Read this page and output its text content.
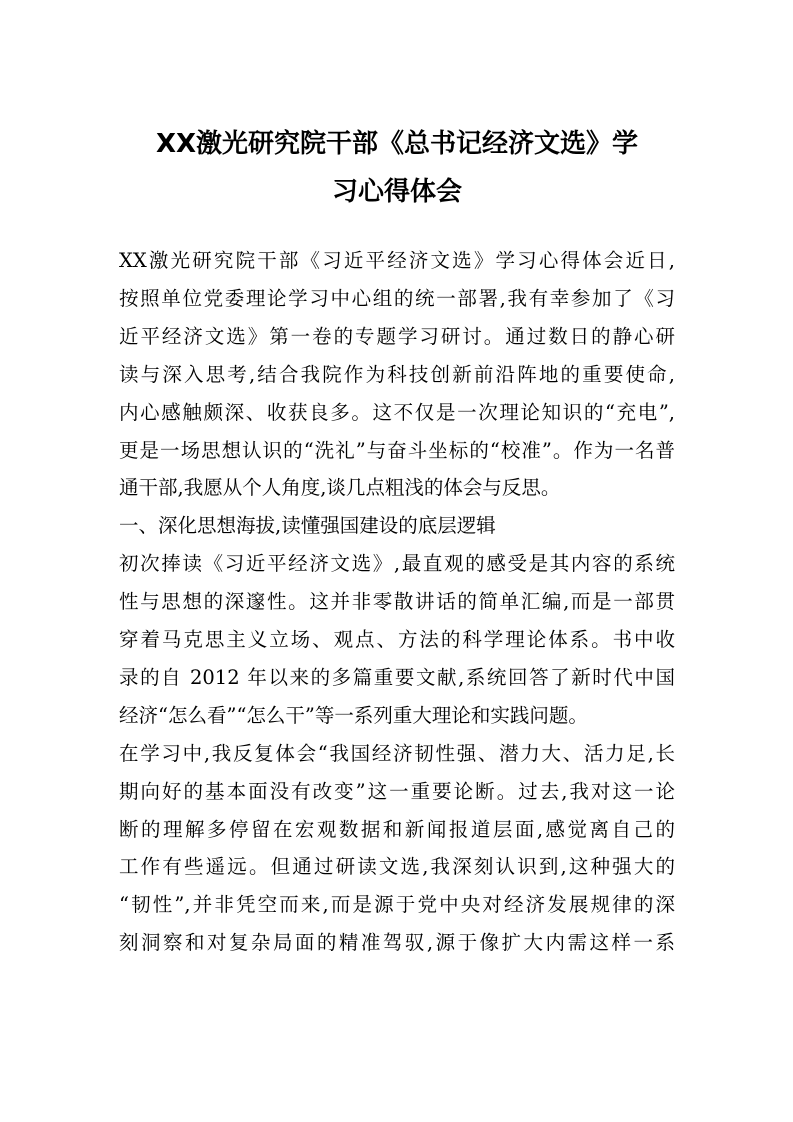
XX激光研究院干部《总书记经济文选》学
习心得体会

XX激光研究院干部《习近平经济文选》学习心得体会近日,

按照单位党委理论学习中心组的统一部署,我有幸参加了《习

近平经济文选》第一卷的专题学习研讨。通过数日的静心研

读与深入思考,结合我院作为科技创新前沿阵地的重要使命,

内心感触颇深、收获良多。这不仅是一次理论知识的“充电”,

更是一场思想认识的“洗礼”与奋斗坐标的“校准”。作为一名普

通干部,我愿从个人角度,谈几点粗浅的体会与反思。

一、深化思想海拔,读懂强国建设的底层逻辑

初次捧读《习近平经济文选》,最直观的感受是其内容的系统

性与思想的深邃性。这并非零散讲话的简单汇编,而是一部贯

穿着马克思主义立场、观点、方法的科学理论体系。书中收

录的自 2012 年以来的多篇重要文献,系统回答了新时代中国

经济“怎么看”“怎么干”等一系列重大理论和实践问题。

在学习中,我反复体会“我国经济韧性强、潜力大、活力足,长

期向好的基本面没有改变”这一重要论断。过去,我对这一论

断的理解多停留在宏观数据和新闻报道层面,感觉离自己的

工作有些遥远。但通过研读文选,我深刻认识到,这种强大的

“韧性”,并非凭空而来,而是源于党中央对经济发展规律的深

刻洞察和对复杂局面的精准驾驭,源于像扩大内需这样一系
